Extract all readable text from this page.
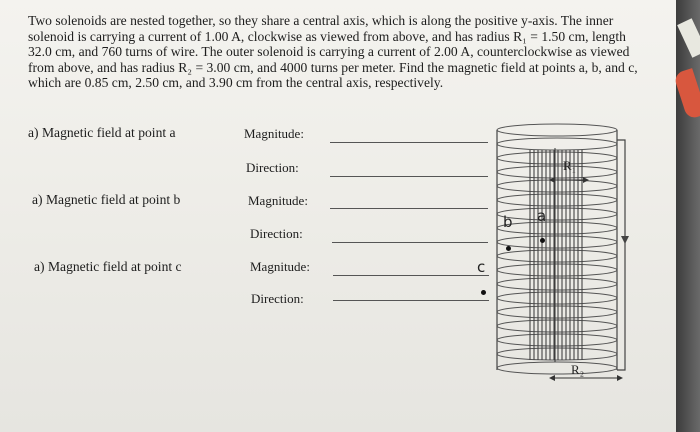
Two solenoids are nested together, so they share a central axis, which is along the positive y-axis. The inner solenoid is carrying a current of 1.00 A, clockwise as viewed from above, and has radius R₁ = 1.50 cm, length 32.0 cm, and 760 turns of wire. The outer solenoid is carrying a current of 2.00 A, counterclockwise as viewed from above, and has radius R₂ = 3.00 cm, and 4000 turns per meter. Find the magnetic field at points a, b, and c, which are 0.85 cm, 2.50 cm, and 3.90 cm from the central axis, respectively.
a) Magnetic field at point a	Magnitude:
Direction:
a) Magnetic field at point b	Magnitude:
Direction:
a) Magnetic field at point c	Magnitude:
Direction:
R₁
R₂
b a
c
